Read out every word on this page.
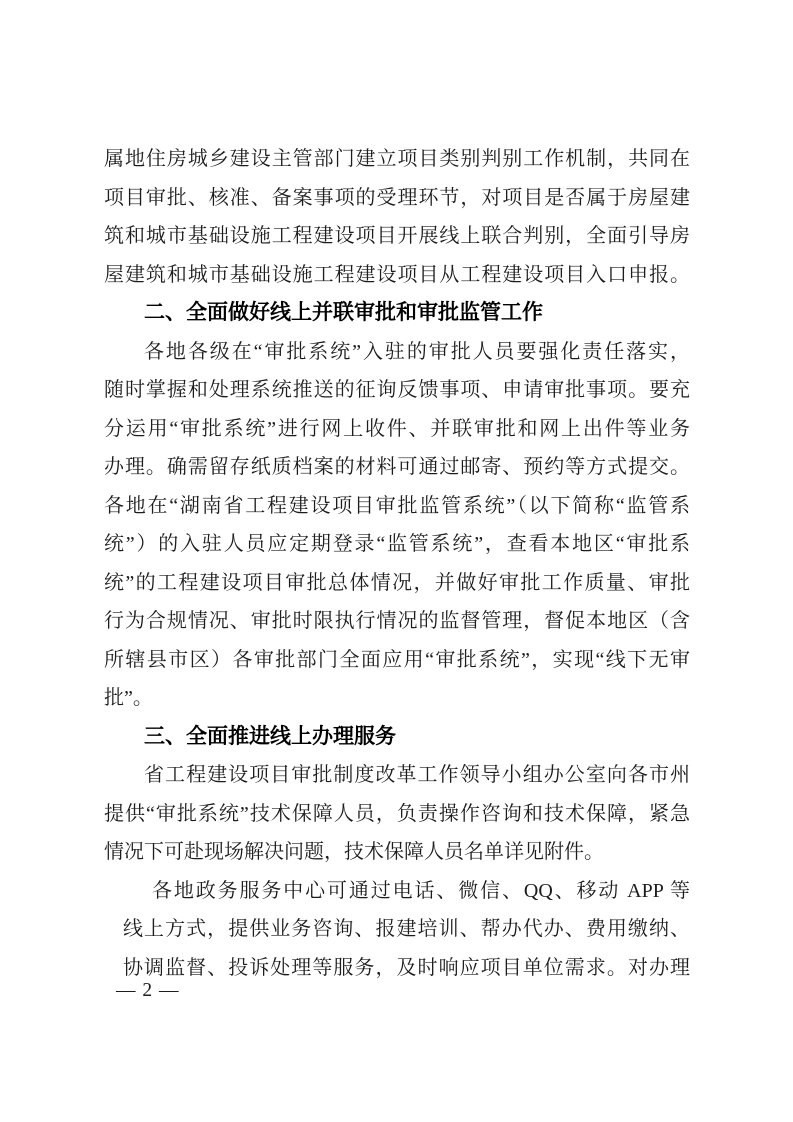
属地住房城乡建设主管部门建立项目类别判别工作机制，共同在
项目审批、核准、备案事项的受理环节，对项目是否属于房屋建
筑和城市基础设施工程建设项目开展线上联合判别，全面引导房
屋建筑和城市基础设施工程建设项目从工程建设项目入口申报。
二、全面做好线上并联审批和审批监管工作
各地各级在“审批系统”入驻的审批人员要强化责任落实，
随时掌握和处理系统推送的征询反馈事项、申请审批事项。要充
分运用“审批系统”进行网上收件、并联审批和网上出件等业务
办理。确需留存纸质档案的材料可通过邮寄、预约等方式提交。
各地在“湖南省工程建设项目审批监管系统”（以下简称“监管系
统”）的入驻人员应定期登录“监管系统”，查看本地区“审批系
统”的工程建设项目审批总体情况，并做好审批工作质量、审批
行为合规情况、审批时限执行情况的监督管理，督促本地区（含
所辖县市区）各审批部门全面应用“审批系统”，实现“线下无审
批”。
三、全面推进线上办理服务
省工程建设项目审批制度改革工作领导小组办公室向各市州
提供“审批系统”技术保障人员，负责操作咨询和技术保障，紧急
情况下可赴现场解决问题，技术保障人员名单详见附件。
各地政务服务中心可通过电话、微信、QQ、移动 APP 等
线上方式，提供业务咨询、报建培训、帮办代办、费用缴纳、
协调监督、投诉处理等服务，及时响应项目单位需求。对办理
— 2 —
